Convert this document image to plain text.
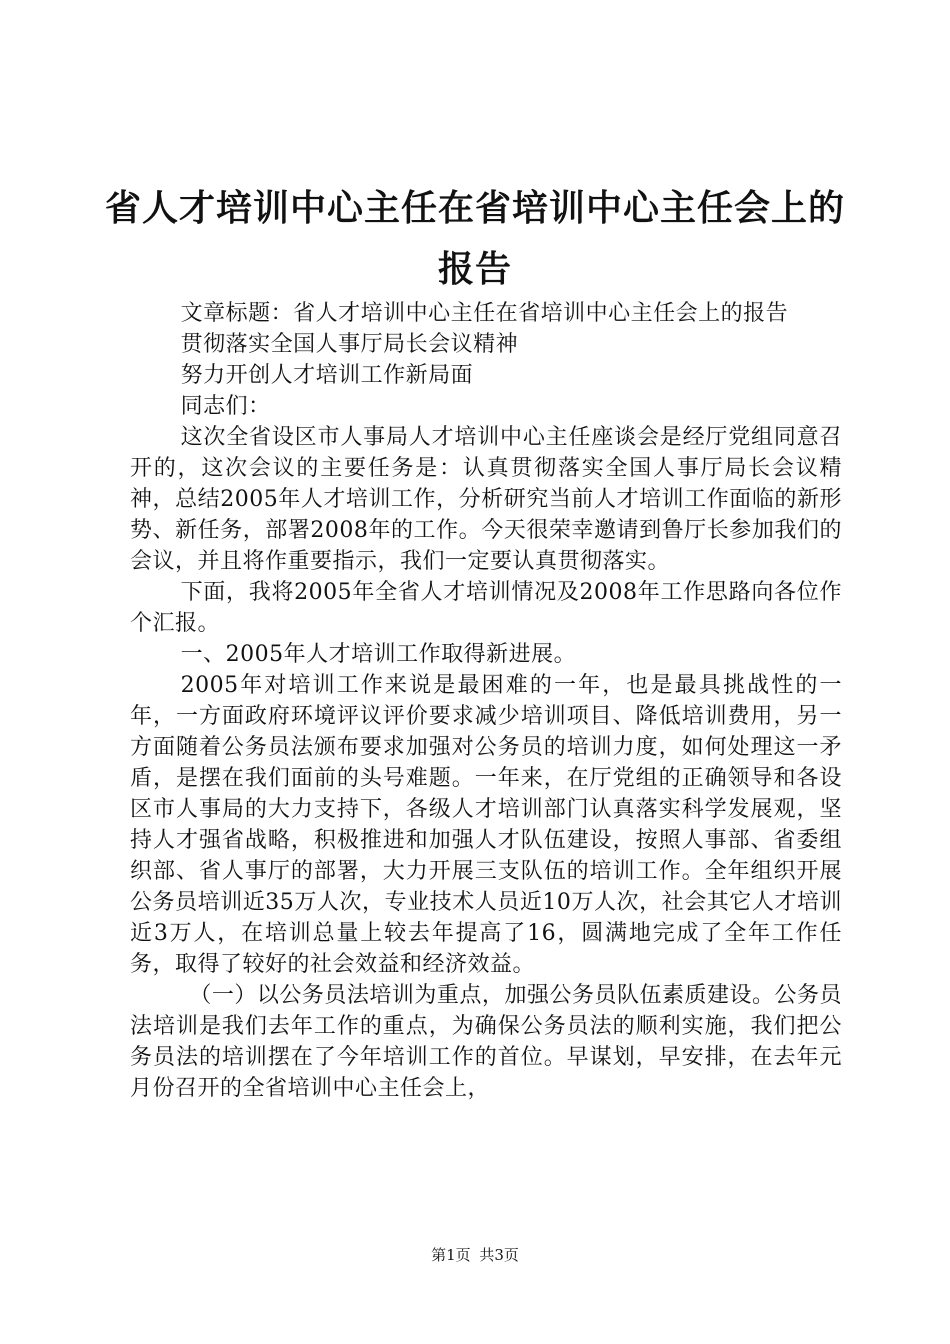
省人才培训中心主任在省培训中心主任会上的
报告

文章标题：省人才培训中心主任在省培训中心主任会上的报告

贯彻落实全国人事厅局长会议精神

努力开创人才培训工作新局面

同志们：

这次全省设区市人事局人才培训中心主任座谈会是经厅党组同意召开的，这次会议的主要任务是：认真贯彻落实全国人事厅局长会议精神，总结2005年人才培训工作，分析研究当前人才培训工作面临的新形势、新任务，部署2008年的工作。今天很荣幸邀请到鲁厅长参加我们的会议，并且将作重要指示，我们一定要认真贯彻落实。

下面，我将2005年全省人才培训情况及2008年工作思路向各位作个汇报。

一、2005年人才培训工作取得新进展。

2005年对培训工作来说是最困难的一年，也是最具挑战性的一年，一方面政府环境评议评价要求减少培训项目、降低培训费用，另一方面随着公务员法颁布要求加强对公务员的培训力度，如何处理这一矛盾，是摆在我们面前的头号难题。一年来，在厅党组的正确领导和各设区市人事局的大力支持下，各级人才培训部门认真落实科学发展观，坚持人才强省战略，积极推进和加强人才队伍建设，按照人事部、省委组织部、省人事厅的部署，大力开展三支队伍的培训工作。全年组织开展公务员培训近35万人次，专业技术人员近10万人次，社会其它人才培训近3万人，在培训总量上较去年提高了16，圆满地完成了全年工作任务，取得了较好的社会效益和经济效益。

（一）以公务员法培训为重点，加强公务员队伍素质建设。公务员法培训是我们去年工作的重点，为确保公务员法的顺利实施，我们把公务员法的培训摆在了今年培训工作的首位。早谋划，早安排，在去年元月份召开的全省培训中心主任会上，

第1页 共3页
